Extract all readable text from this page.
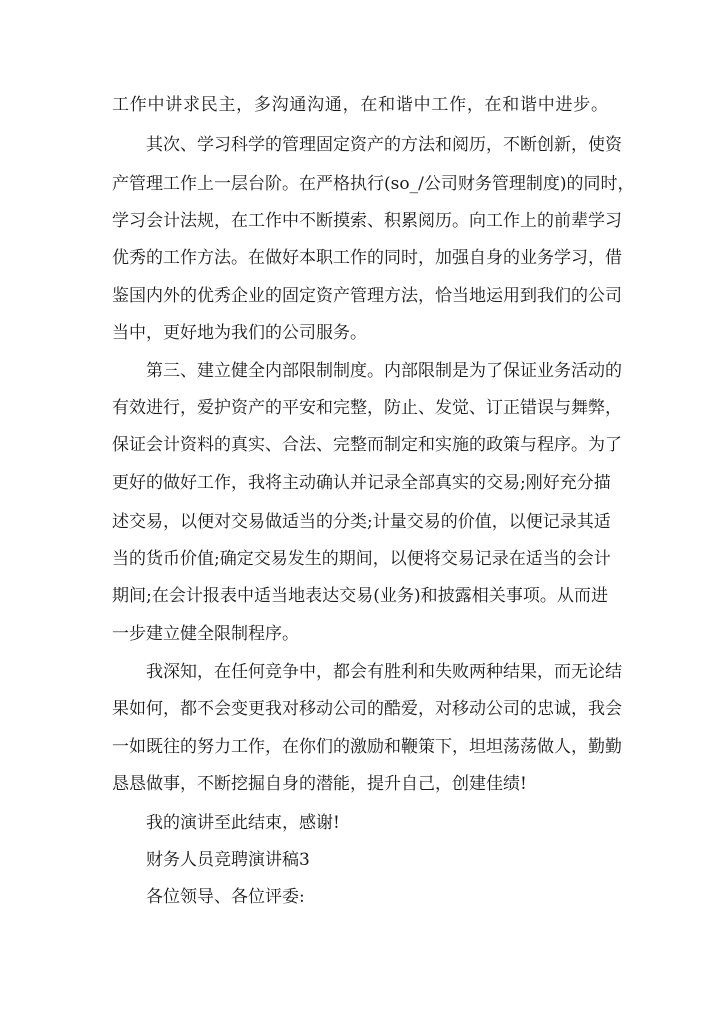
工作中讲求民主，多沟通沟通，在和谐中工作，在和谐中进步。
其次、学习科学的管理固定资产的方法和阅历，不断创新，使资
产管理工作上一层台阶。在严格执行(so_/公司财务管理制度)的同时，
学习会计法规，在工作中不断摸索、积累阅历。向工作上的前辈学习
优秀的工作方法。在做好本职工作的同时，加强自身的业务学习，借
鉴国内外的优秀企业的固定资产管理方法，恰当地运用到我们的公司
当中，更好地为我们的公司服务。
第三、建立健全内部限制制度。内部限制是为了保证业务活动的
有效进行，爱护资产的平安和完整，防止、发觉、订正错误与舞弊，
保证会计资料的真实、合法、完整而制定和实施的政策与程序。为了
更好的做好工作，我将主动确认并记录全部真实的交易;刚好充分描
述交易，以便对交易做适当的分类;计量交易的价值，以便记录其适
当的货币价值;确定交易发生的期间，以便将交易记录在适当的会计
期间;在会计报表中适当地表达交易(业务)和披露相关事项。从而进
一步建立健全限制程序。
我深知，在任何竞争中，都会有胜利和失败两种结果，而无论结
果如何，都不会变更我对移动公司的酷爱，对移动公司的忠诚，我会
一如既往的努力工作，在你们的激励和鞭策下，坦坦荡荡做人，勤勤
恳恳做事，不断挖掘自身的潜能，提升自己，创建佳绩!
我的演讲至此结束，感谢!
财务人员竞聘演讲稿3
各位领导、各位评委:
